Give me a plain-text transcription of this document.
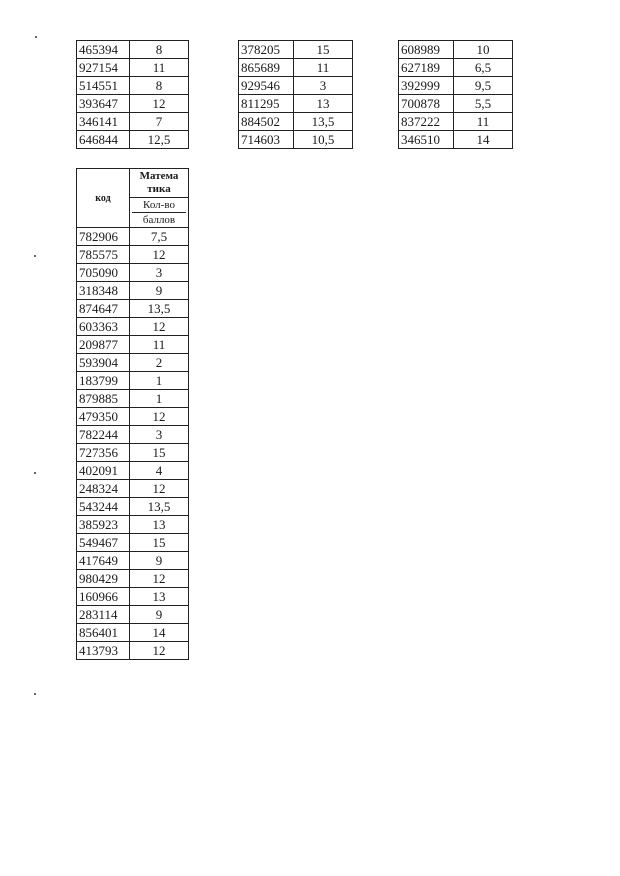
465394	8
927154	11
514551	8
393647	12
346141	7
646844	12,5
378205	15
865689	11
929546	3
811295	13
884502	13,5
714603	10,5
608989	10
627189	6,5
392999	9,5
700878	5,5
837222	11
346510	14
код	Матема
тика

	Кол-во
баллов

782906	7,5
785575	12
705090	3
318348	9
874647	13,5
603363	12
209877	11
593904	2
183799	1
879885	1
479350	12
782244	3
727356	15
402091	4
248324	12
543244	13,5
385923	13
549467	15
417649	9
980429	12
160966	13
283114	9
856401	14
413793	12
